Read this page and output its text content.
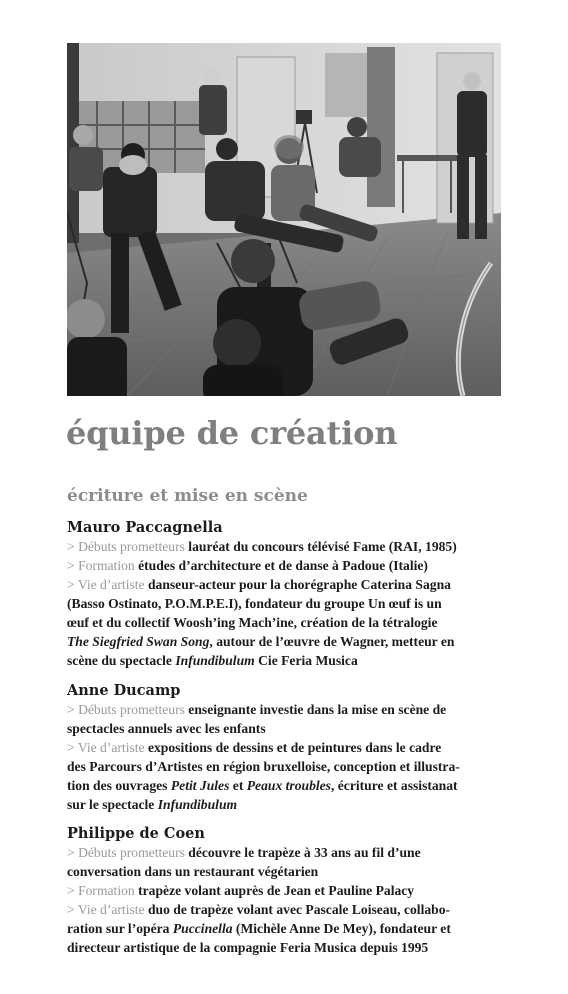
équipe de création
écriture et mise en scène
Mauro Paccagnella
> Débuts prometteurs lauréat du concours télévisé Fame (RAI, 1985)
> Formation études d’architecture et de danse à Padoue (Italie)
> Vie d’artiste danseur-acteur pour la chorégraphe Caterina Sagna
(Basso Ostinato, P.O.M.P.E.I), fondateur du groupe Un œuf is un
œuf et du collectif Woosh’ing Mach’ine, création de la tétralogie
The Siegfried Swan Song, autour de l’œuvre de Wagner, metteur en
scène du spectacle Infundibulum Cie Feria Musica
Anne Ducamp
> Débuts prometteurs enseignante investie dans la mise en scène de
spectacles annuels avec les enfants
> Vie d’artiste expositions de dessins et de peintures dans le cadre
des Parcours d’Artistes en région bruxelloise, conception et illustra-
tion des ouvrages Petit Jules et Peaux troubles, écriture et assistanat
sur le spectacle Infundibulum
Philippe de Coen
> Débuts prometteurs découvre le trapèze à 33 ans au fil d’une
conversation dans un restaurant végétarien
> Formation trapèze volant auprès de Jean et Pauline Palacy
> Vie d’artiste duo de trapèze volant avec Pascale Loiseau, collabo-
ration sur l’opéra Puccinella (Michèle Anne De Mey), fondateur et
directeur artistique de la compagnie Feria Musica depuis 1995
